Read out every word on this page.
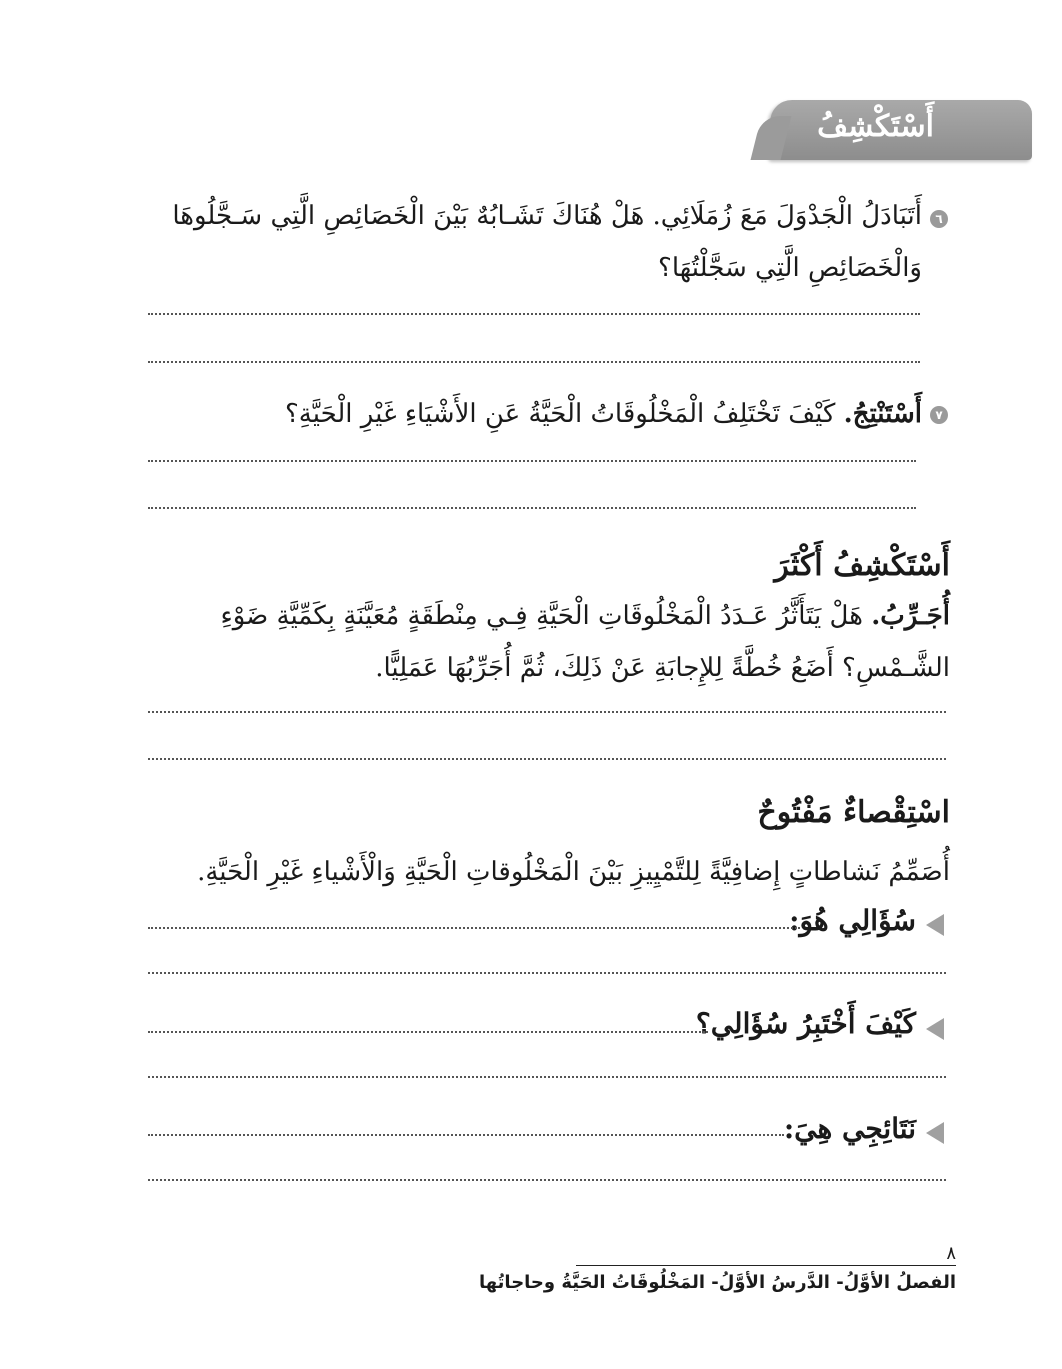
أَسْتَكْشِفُ
٦
أَتَبَادَلُ الْجَدْوَلَ مَعَ زُمَلَائِي. هَلْ هُنَاكَ تَشَـابُهٌ بَيْنَ الْخَصَائِصِ الَّتِي سَـجَّلُوهَا وَالْخَصَائِصِ الَّتِي سَجَّلْتُهَا؟
٧
أَسْتَنْتِجُ. كَيْفَ تَخْتَلِفُ الْمَخْلُوقَاتُ الْحَيَّةُ عَنِ الأَشْيَاءِ غَيْرِ الْحَيَّةِ؟
أَسْتَكْشِفُ أَكْثَرَ
أُجَـرِّبُ. هَلْ يَتَأَثَّرُ عَـدَدُ الْمَخْلُوقَاتِ الْحَيَّةِ فِـي مِنْطَقَةٍ مُعَيَّنَةٍ بِكَمِّيَّةِ ضَوْءِ الشَّـمْسِ؟ أَضَعُ خُطَّةً لِلإِجابَةِ عَنْ ذَلِكَ، ثُمَّ أُجَرِّبُهَا عَمَلِيًّا.
اسْتِقْصاءٌ مَفْتُوحٌ
أُصَمِّمُ نَشاطاتٍ إِضافِيَّةً لِلتَّمْيِيزِ بَيْنَ الْمَخْلُوقاتِ الْحَيَّةِ وَالْأَشْياءِ غَيْرِ الْحَيَّةِ.
سُؤَالِي هُوَ:
كَيْفَ أَخْتَبِرُ سُؤَالِي؟
نَتَائِجِي هِيَ:
٨
الفصلُ الأوَّلُ- الدَّرسُ الأوَّلُ- المَخْلُوقَاتُ الحَيَّةُ وحاجاتُها
